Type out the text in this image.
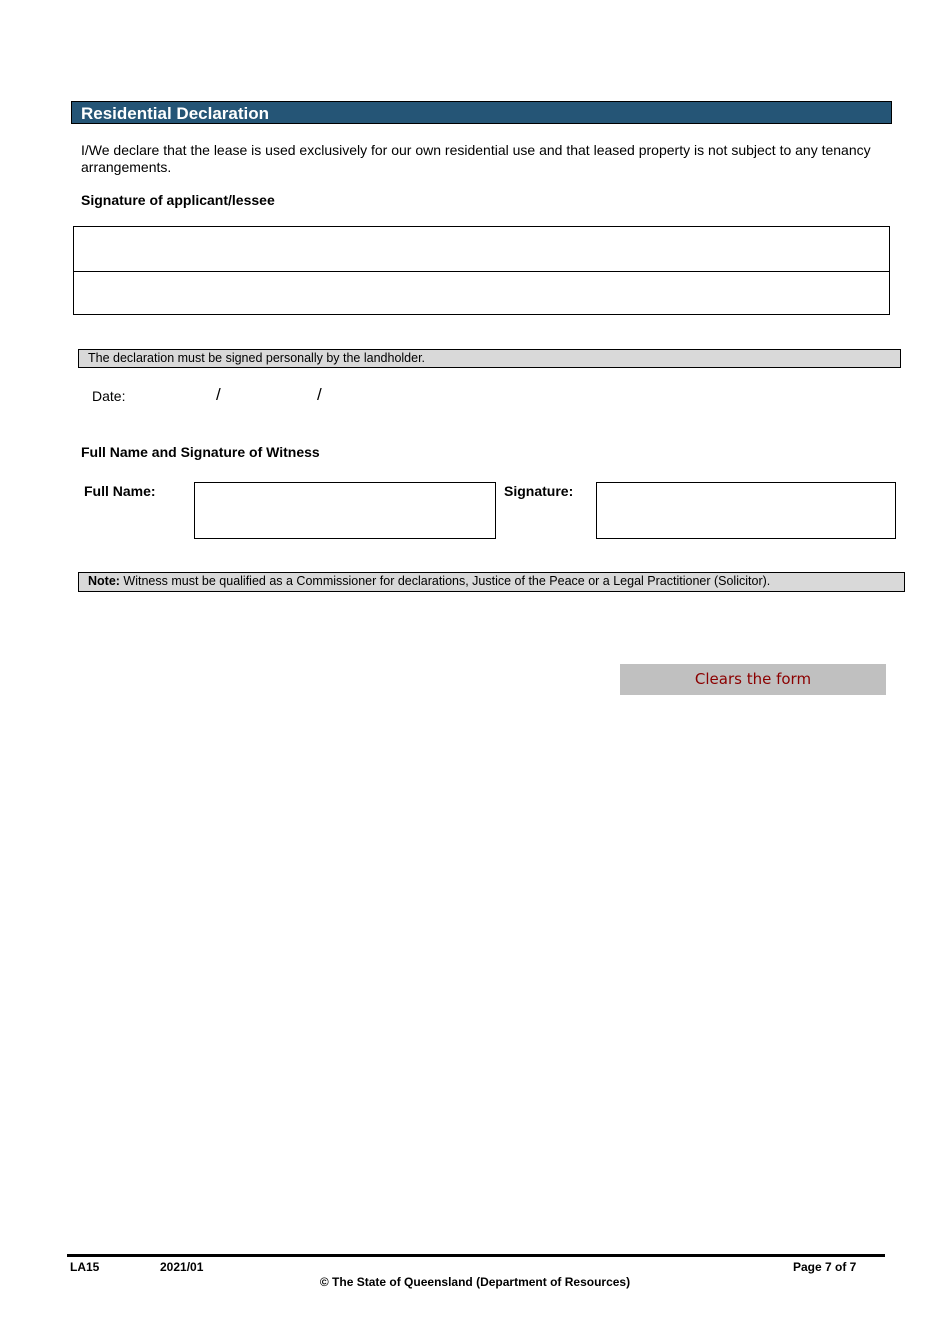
Residential Declaration
I/We declare that the lease is used exclusively for our own residential use and that leased property is not subject to any tenancy arrangements.
Signature of applicant/lessee
The declaration must be signed personally by the landholder.
Date:	/	/
Full Name and Signature of Witness
Full Name:	Signature:
Note: Witness must be qualified as a Commissioner for declarations, Justice of the Peace or a Legal Practitioner (Solicitor).
Clears the form
LA15	2021/01	Page 7 of 7
© The State of Queensland (Department of Resources)
